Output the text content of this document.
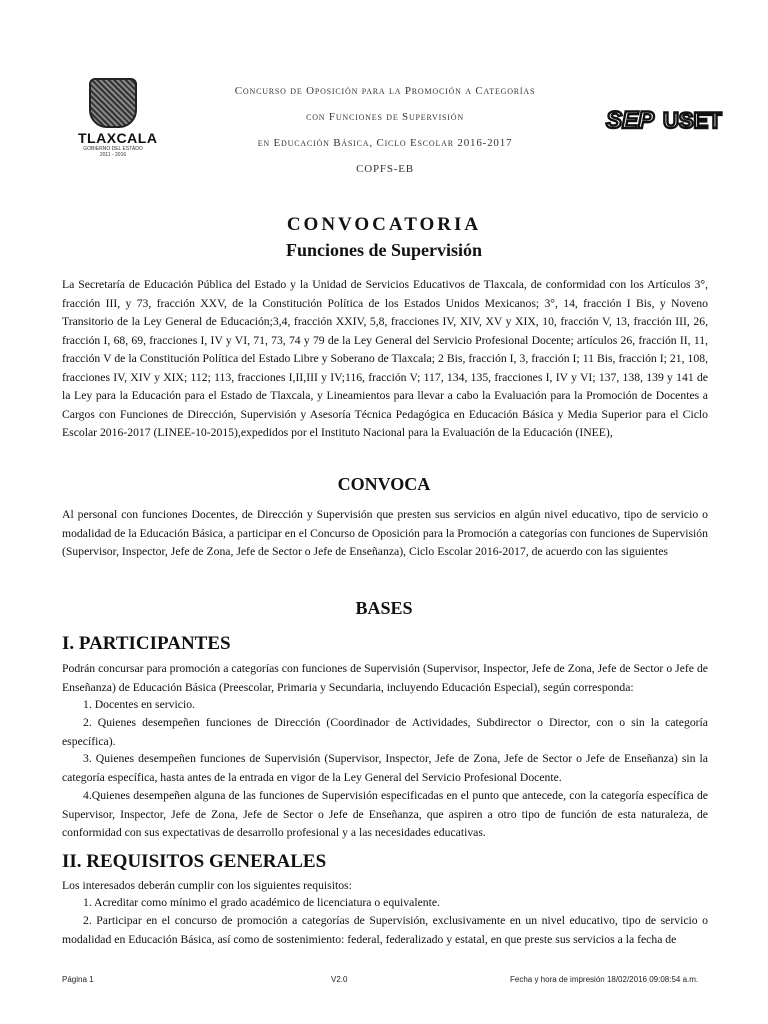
TLAXCALA
GOBIERNO DEL ESTADO 2011 - 2016
Concurso de Oposición para la Promoción a Categorías
con Funciones de Supervisión
en Educación Básica, Ciclo Escolar 2016-2017
COPFS-EB
SEP USET
CONVOCATORIA
Funciones de Supervisión

La Secretaría de Educación Pública del Estado y la Unidad de Servicios Educativos de Tlaxcala, de conformidad con los Artículos 3°, fracción III, y 73, fracción XXV, de la Constitución Política de los Estados Unidos Mexicanos; 3°, 14, fracción I Bis, y Noveno Transitorio de la Ley General de Educación;3,4, fracción XXIV, 5,8, fracciones IV, XIV, XV y XIX, 10, fracción V, 13, fracción III, 26, fracción I, 68, 69, fracciones I, IV y VI, 71, 73, 74 y 79 de la Ley General del Servicio Profesional Docente; artículos 26, fracción II, 11, fracción V de la Constitución Política del Estado Libre y Soberano de Tlaxcala; 2 Bis, fracción I, 3, fracción I; 11 Bis, fracción I; 21, 108, fracciones IV, XIV y XIX; 112; 113, fracciones I,II,III y IV;116, fracción V; 117, 134, 135, fracciones I, IV y VI; 137, 138, 139 y 141 de la Ley para la Educación para el Estado de Tlaxcala, y Lineamientos para llevar a cabo la Evaluación para la Promoción de Docentes a Cargos con Funciones de Dirección, Supervisión y Asesoría Técnica Pedagógica en Educación Básica y Media Superior para el Ciclo Escolar 2016-2017 (LINEE-10-2015),expedidos por el Instituto Nacional para la Evaluación de la Educación (INEE),

CONVOCA

Al personal con funciones Docentes, de Dirección y Supervisión que presten sus servicios en algún nivel educativo, tipo de servicio o modalidad de la Educación Básica, a participar en el Concurso de Oposición para la Promoción a categorías con funciones de Supervisión (Supervisor, Inspector, Jefe de Zona, Jefe de Sector o Jefe de Enseñanza), Ciclo Escolar 2016-2017, de acuerdo con las siguientes

BASES
I. PARTICIPANTES

Podrán concursar para promoción a categorías con funciones de Supervisión (Supervisor, Inspector, Jefe de Zona, Jefe de Sector o Jefe de Enseñanza) de Educación Básica (Preescolar, Primaria y Secundaria, incluyendo Educación Especial), según corresponda:

1. Docentes en servicio.

2. Quienes desempeñen funciones de Dirección (Coordinador de Actividades, Subdirector o Director, con o sin la categoría específica).

3. Quienes desempeñen funciones de Supervisión (Supervisor, Inspector, Jefe de Zona, Jefe de Sector o Jefe de Enseñanza) sin la categoría específica, hasta antes de la entrada en vigor de la Ley General del Servicio Profesional Docente.

4.Quienes desempeñen alguna de las funciones de Supervisión especificadas en el punto que antecede, con la categoría específica de Supervisor, Inspector, Jefe de Zona, Jefe de Sector o Jefe de Enseñanza, que aspiren a otro tipo de función de esta naturaleza, de conformidad con sus expectativas de desarrollo profesional y a las necesidades educativas.

II. REQUISITOS GENERALES

Los interesados deberán cumplir con los siguientes requisitos:

1. Acreditar como mínimo el grado académico de licenciatura o equivalente.

2. Participar en el concurso de promoción a categorías de Supervisión, exclusivamente en un nivel educativo, tipo de servicio o modalidad en Educación Básica, así como de sostenimiento: federal, federalizado y estatal, en que preste sus servicios a la fecha de

Página 1	V2.0	Fecha y hora de impresión 18/02/2016 09:08:54 a.m.
